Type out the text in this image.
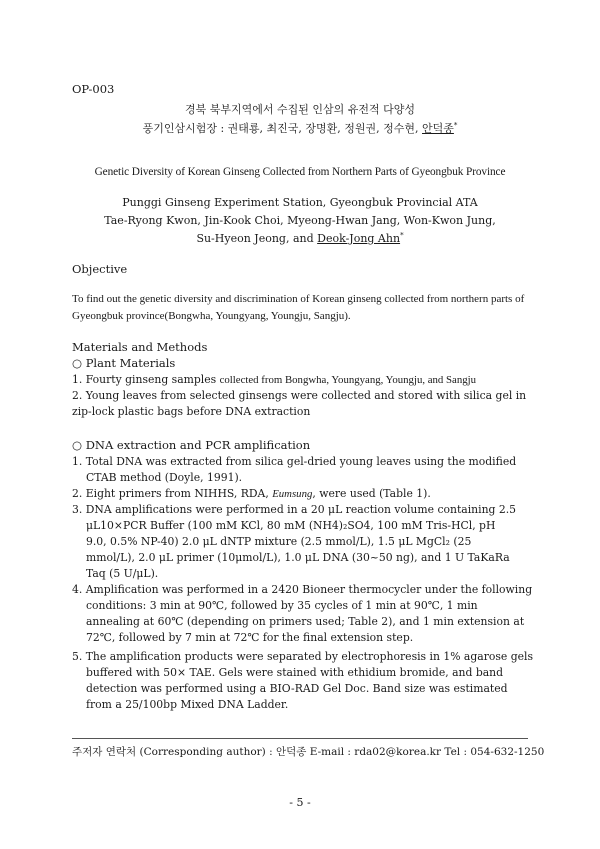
OP-003
경북 북부지역에서 수집된 인삼의 유전적 다양성
풍기인삼시험장 : 권태룡, 최진국, 장명환, 정원권, 정수현, 안덕종*
Genetic Diversity of Korean Ginseng Collected from Northern Parts of Gyeongbuk Province
Punggi Ginseng Experiment Station, Gyeongbuk Provincial ATA
Tae-Ryong Kwon, Jin-Kook Choi, Myeong-Hwan Jang, Won-Kwon Jung,
Su-Hyeon Jeong, and Deok-Jong Ahn*
Objective
To find out the genetic diversity and discrimination of Korean ginseng collected from northern parts of Gyeongbuk province(Bongwha, Youngyang, Youngju, Sangju).
Materials and Methods
○ Plant Materials
1. Fourty ginseng samples collected from Bongwha, Youngyang, Youngju, and Sangju
2. Young leaves from selected ginsengs were collected and stored with silica gel in
zip-lock plastic bags before DNA extraction
○ DNA extraction and PCR amplification
1. Total DNA was extracted from silica gel-dried young leaves using the modified
CTAB method (Doyle, 1991).
2. Eight primers from NIHHS, RDA, Eumsung, were used (Table 1).
3. DNA amplifications were performed in a 20 μL reaction volume containing 2.5
μL10×PCR Buffer (100 mM KCl, 80 mM (NH4)₂SO4, 100 mM Tris-HCl, pH
9.0, 0.5% NP-40) 2.0 μL dNTP mixture (2.5 mmol/L), 1.5 μL MgCl₂ (25
mmol/L), 2.0 μL primer (10μmol/L), 1.0 μL DNA (30~50 ng), and 1 U TaKaRa
Taq (5 U/μL).
4. Amplification was performed in a 2420 Bioneer thermocycler under the following
conditions: 3 min at 90℃, followed by 35 cycles of 1 min at 90℃, 1 min
annealing at 60℃ (depending on primers used; Table 2), and 1 min extension at
72℃, followed by 7 min at 72℃ for the final extension step.
5. The amplification products were separated by electrophoresis in 1% agarose gels
buffered with 50× TAE. Gels were stained with ethidium bromide, and band
detection was performed using a BIO-RAD Gel Doc. Band size was estimated
from a 25/100bp Mixed DNA Ladder.
주저자 연락처 (Corresponding author) : 안덕종 E-mail : rda02@korea.kr Tel : 054-632-1250
- 5 -
